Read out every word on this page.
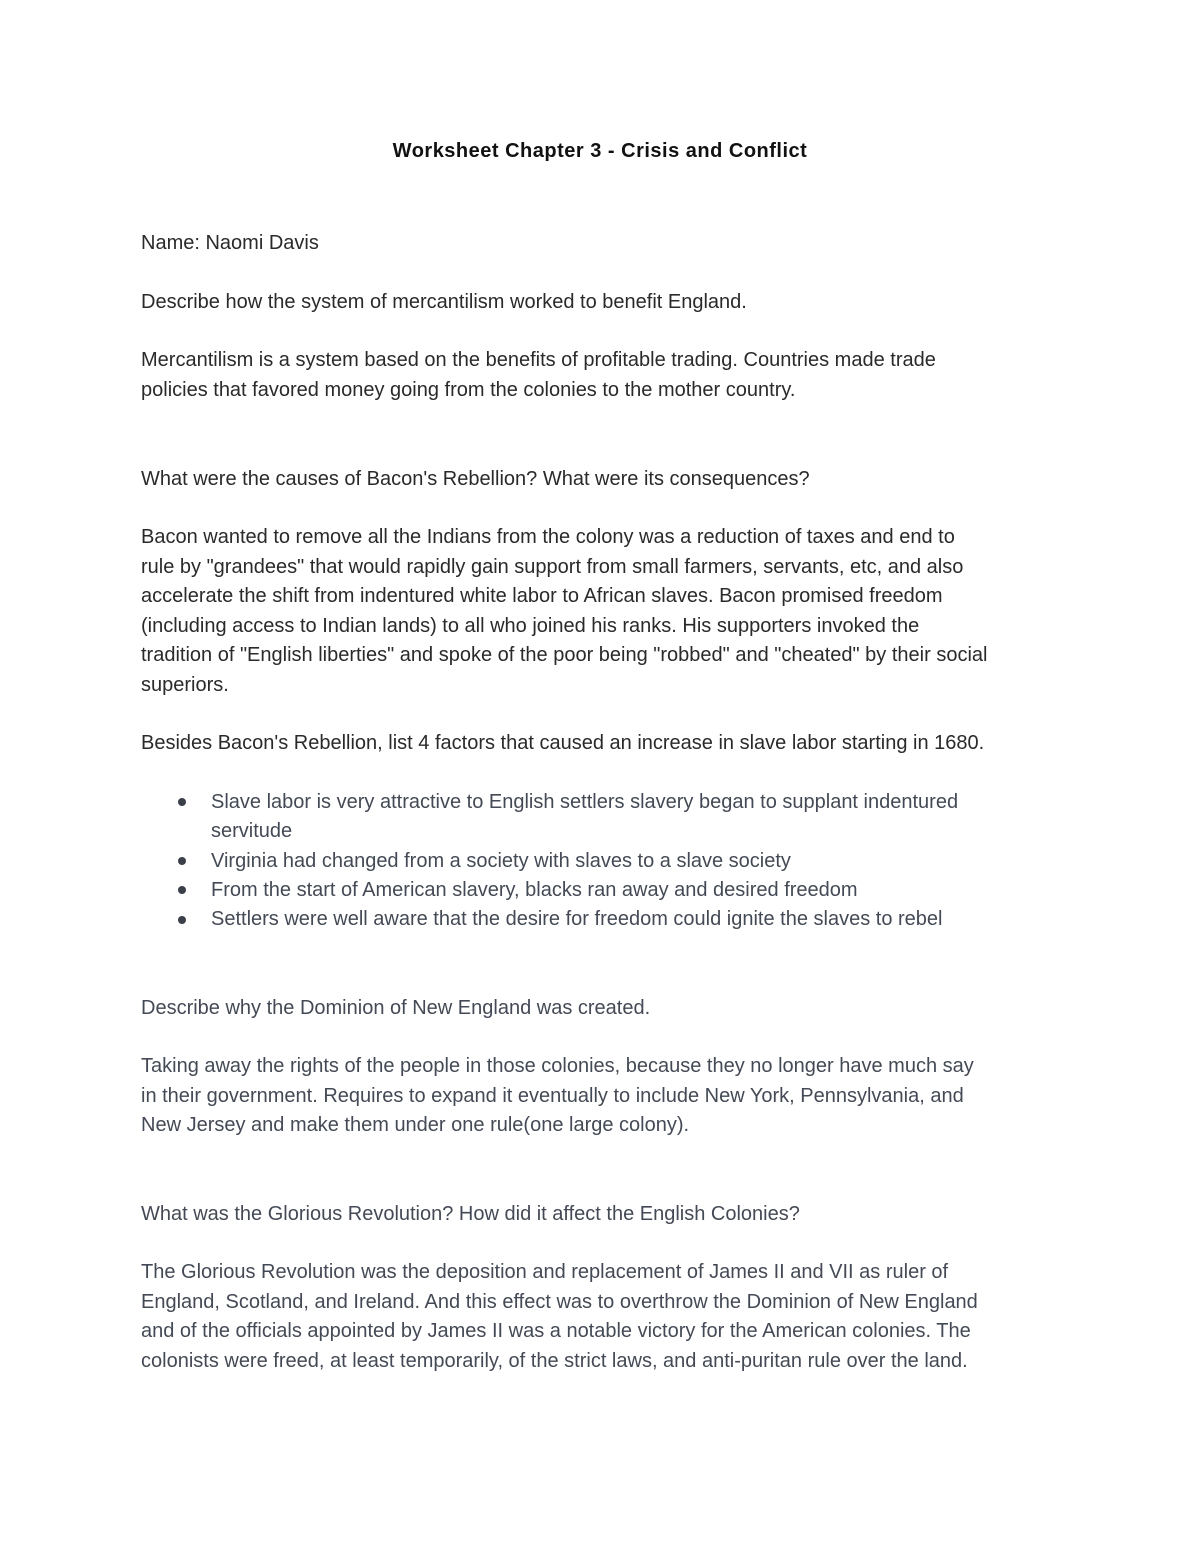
Worksheet Chapter 3 - Crisis and Conflict
Name: Naomi Davis
Describe how the system of mercantilism worked to benefit England.
Mercantilism is a system based on the benefits of profitable trading. Countries made trade
policies that favored money going from the colonies to the mother country.
What were the causes of Bacon's Rebellion? What were its consequences?
Bacon wanted to remove all the Indians from the colony was a reduction of taxes and end to
rule by "grandees" that would rapidly gain support from small farmers, servants, etc, and also
accelerate the shift from indentured white labor to African slaves. Bacon promised freedom
(including access to Indian lands) to all who joined his ranks. His supporters invoked the
tradition of "English liberties" and spoke of the poor being "robbed" and "cheated" by their social
superiors.
Besides Bacon's Rebellion, list 4 factors that caused an increase in slave labor starting in 1680.
Slave labor is very attractive to English settlers slavery began to supplant indentured
servitude
Virginia had changed from a society with slaves to a slave society
From the start of American slavery, blacks ran away and desired freedom
Settlers were well aware that the desire for freedom could ignite the slaves to rebel
Describe why the Dominion of New England was created.
Taking away the rights of the people in those colonies, because they no longer have much say
in their government. Requires to expand it eventually to include New York, Pennsylvania, and
New Jersey and make them under one rule(one large colony).
What was the Glorious Revolution? How did it affect the English Colonies?
The Glorious Revolution was the deposition and replacement of James II and VII as ruler of
England, Scotland, and Ireland. And this effect was to overthrow the Dominion of New England
and of the officials appointed by James II was a notable victory for the American colonies. The
colonists were freed, at least temporarily, of the strict laws, and anti-puritan rule over the land.
